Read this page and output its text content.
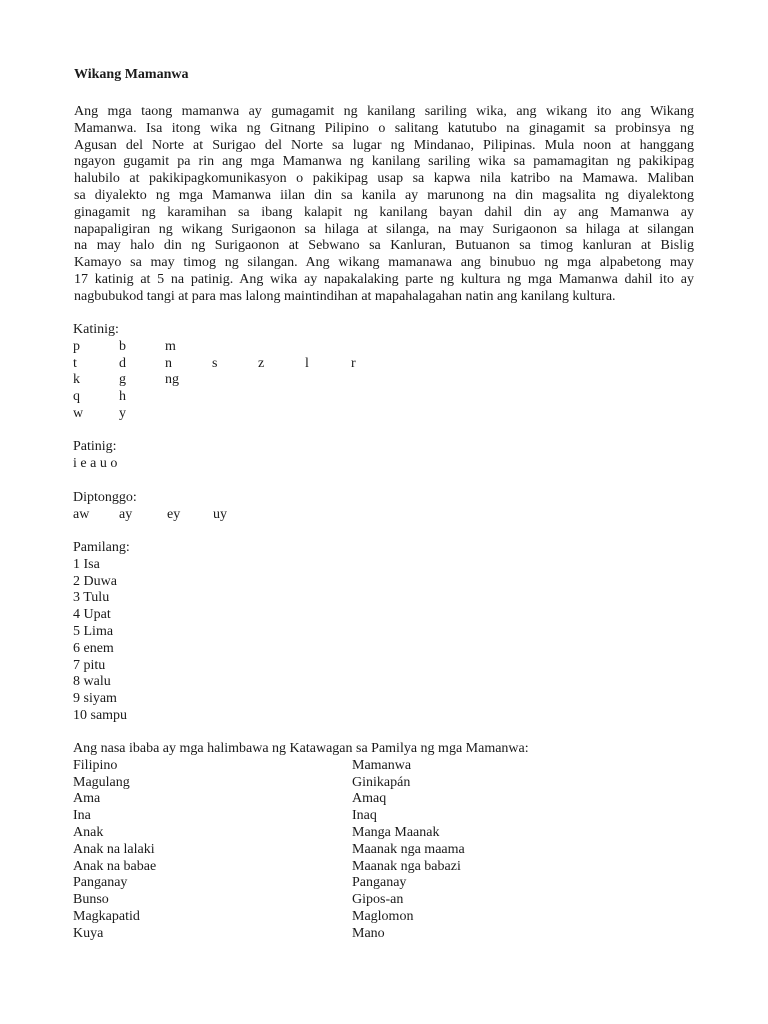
Wikang Mamanwa
Ang mga taong mamanwa ay gumagamit ng kanilang sariling wika, ang wikang ito ang Wikang
Mamanwa. Isa itong wika ng Gitnang Pilipino o salitang katutubo na ginagamit sa probinsya ng
Agusan del Norte at Surigao del Norte sa lugar ng Mindanao, Pilipinas. Mula noon at hanggang
ngayon gugamit pa rin ang mga Mamanwa ng kanilang sariling wika sa pamamagitan ng pakikipag
halubilo at pakikipagkomunikasyon o pakikipag usap sa kapwa nila katribo na Mamawa. Maliban
sa diyalekto ng mga Mamanwa iilan din sa kanila ay marunong na din magsalita ng diyalektong
ginagamit ng karamihan sa ibang kalapit ng kanilang bayan dahil din ay ang Mamanwa ay
napapaligiran ng wikang Surigaonon sa hilaga at silanga, na may Surigaonon sa hilaga at silangan
na may halo din ng Surigaonon at Sebwano sa Kanluran, Butuanon sa timog kanluran at Bislig
Kamayo sa may timog ng silangan. Ang wikang mamanawa ang binubuo ng mga alpabetong may
17 katinig at 5 na patinig. Ang wika ay napakalaking parte ng kultura ng mga Mamanwa dahil ito ay
nagbubukod tangi at para mas lalong maintindihan at mapahalagahan natin ang kanilang kultura.
Katinig:
p	b	m
t	d	n	s	z	l	r
k	g	ng
q	h
w	y
Patinig:
i e a u o
Diptonggo:
aw ay ey uy
Pamilang:
1 Isa
2 Duwa
3 Tulu
4 Upat
5 Lima
6 enem
7 pitu
8 walu
9 siyam
10 sampu
Ang nasa ibaba ay mga halimbawa ng Katawagan sa Pamilya ng mga Mamanwa:
Filipino	Mamanwa
Magulang	Ginikapán
Ama	Amaq
Ina	Inaq
Anak	Manga Maanak
Anak na lalaki	Maanak nga maama
Anak na babae	Maanak nga babazi
Panganay	Panganay
Bunso	Gipos-an
Magkapatid	Maglomon
Kuya	Mano
